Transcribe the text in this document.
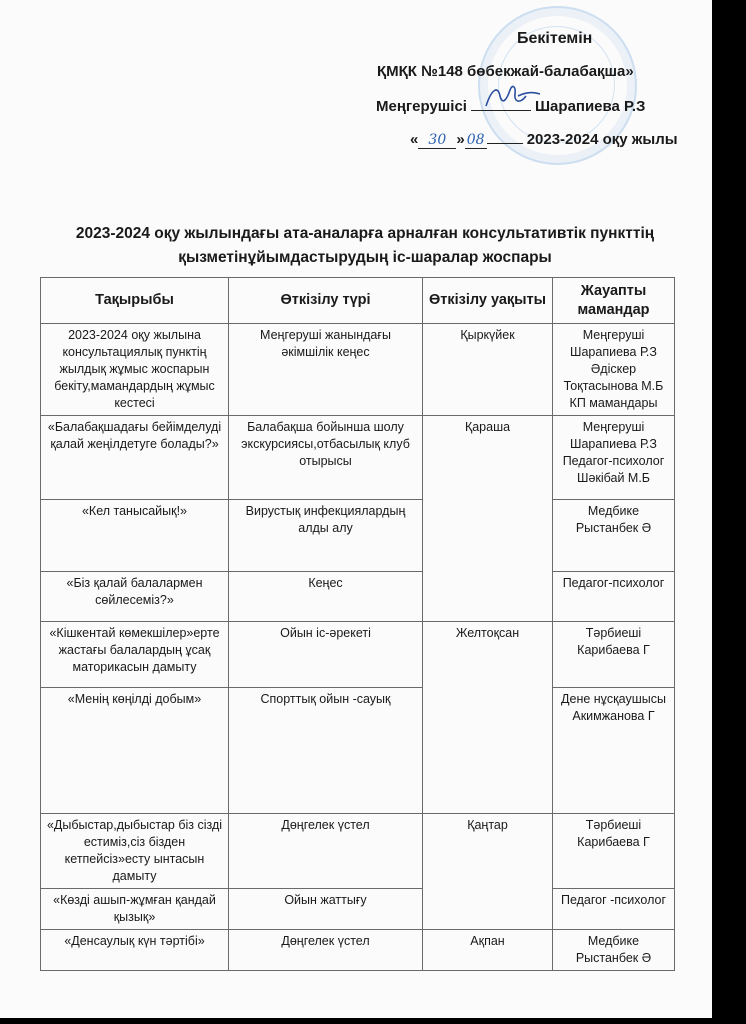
Бекітемін
ҚМҚК №148 бөбекжай-балабақша»
Меңгерушісі	Шарапиева Р.З
« 30 » 08	2023-2024 оқу жылы
2023-2024 оқу жылындағы ата-аналарға арналған консультативтік пункттің қызметінұйымдастырудың іс-шаралар жоспары
Тақырыбы	Өткізілу түрі	Өткізілу уақыты	Жауапты мамандар
2023-2024 оқу жылына консультациялық пунктің жылдық жұмыс жоспарын бекіту,мамандардың жұмыс кестесі	Меңгеруші жанындағы әкімшілік кеңес	Қыркүйек	Меңгеруші Шарапиева Р.З Әдіскер Тоқтасынова М.Б КП мамандары
«Балабақшадағы бейімделуді қалай жеңілдетуге болады?»	Балабақша бойынша шолу экскурсиясы,отбасылық клуб отырысы	Қараша	Меңгеруші Шарапиева Р.З Педагог-психолог Шәкібай М.Б
«Кел танысайық!»	Вирустық инфекциялардың алды алу		Медбике Рыстанбек Ә
«Біз қалай балалармен сөйлесеміз?»	Кеңес		Педагог-психолог
«Кішкентай көмекшілер»ерте жастағы балалардың ұсақ маторикасын дамыту	Ойын іс-әрекеті	Желтоқсан	Тәрбиеші Карибаева Г
«Менің көңілді добым»	Спорттық ойын -сауық		Дене нұсқаушысы Акимжанова Г
«Дыбыстар,дыбыстар біз сізді естиміз,сіз бізден кетпейсіз»есту ынтасын дамыту	Дөңгелек үстел	Қаңтар	Тәрбиеші Карибаева Г
«Көзді ашып-жұмған қандай қызық»	Ойын жаттығу		Педагог -психолог
«Денсаулық күн тәртібі»	Дөңгелек үстел	Ақпан	Медбике Рыстанбек Ә
